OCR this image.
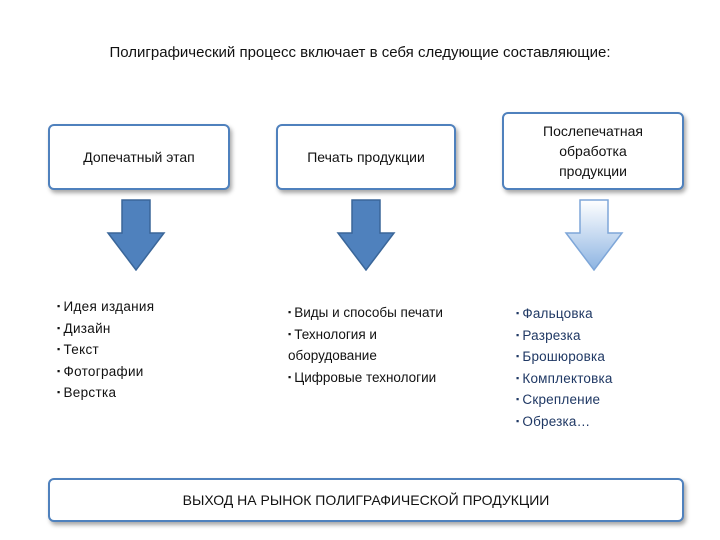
Полиграфический процесс включает в себя следующие составляющие:
Допечатный этап	Печать продукции
Послепечатная обработка продукции
▪ Идея издания
▪ Дизайн
▪ Текст
▪ Фотографии
▪ Верстка
▪ Виды и способы печати
▪ Технология и оборудование
▪ Цифровые технологии
▪ Фальцовка
▪ Разрезка
▪ Брошюровка
▪ Комплектовка
▪ Скрепление
▪ Обрезка…
ВЫХОД НА РЫНОК ПОЛИГРАФИЧЕСКОЙ ПРОДУКЦИИ
